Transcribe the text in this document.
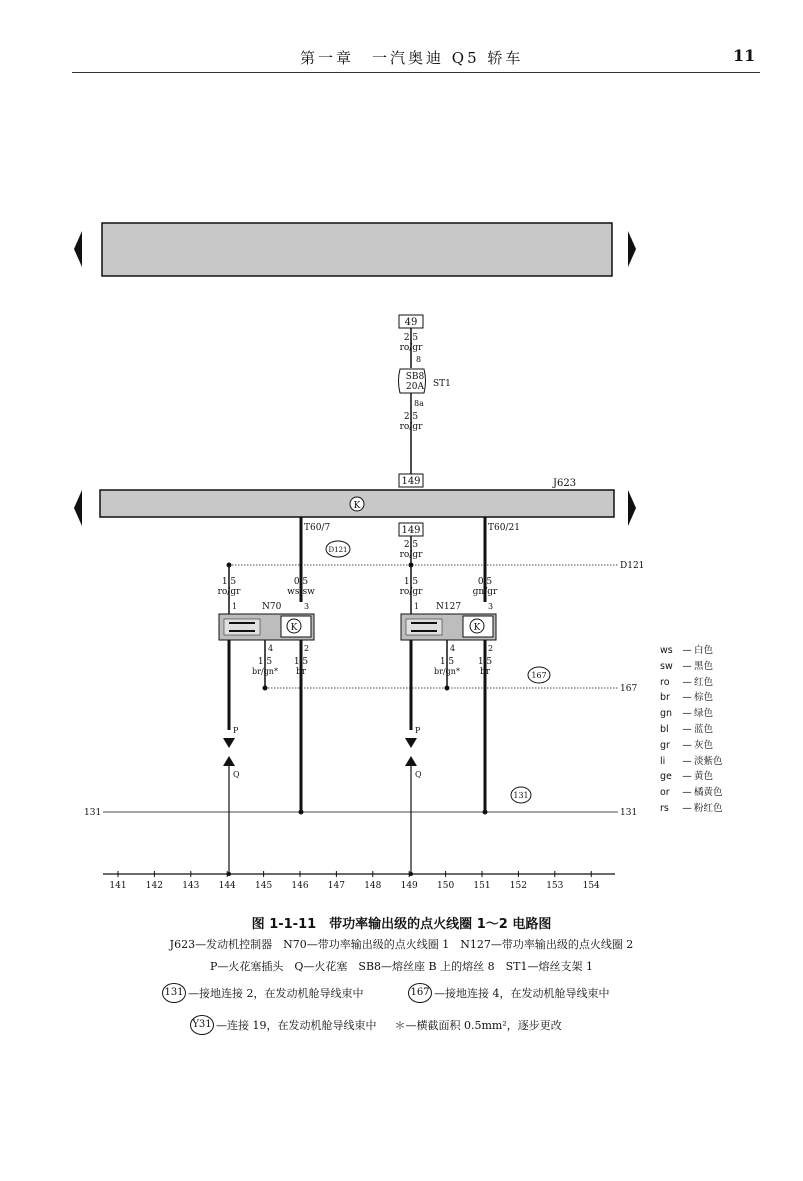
第一章　一汽奥迪 Q5 轿车	11
49
2.5
ro/gr
8
SB8
20A ST1
8a
2.5
ro/gr
149	J623
K
T60/7	T60/21
149
2.5
ro/gr
D121
D121
1.5
ro/gr
0.5
ws/sw
N70
1	3
1.5
ro/gr
0.5
gn/gr
N127
1	3
K	K
4	2
1.5
br/gn*
1.5
br
4	2
1.5
br/gn*
1.5
br	167
167
P
Q
P
Q
131	131
131
141 142 143 144 145 146 147 148 149 150 151 152 153 154
ws	— 白色
sw	— 黑色
ro	— 红色
br	— 棕色
gn	— 绿色
bl	— 蓝色
gr	— 灰色
li	— 淡紫色
ge	— 黄色
or	— 橘黄色
rs	— 粉红色
图 1-1-11　带功率输出级的点火线圈 1～2 电路图
J623—发动机控制器　N70—带功率输出级的点火线圈 1　N127—带功率输出级的点火线圈 2
P—火花塞插头　Q—火花塞　SB8—熔丝座 B 上的熔丝 8　ST1—熔丝支架 1
131 —接地连接 2，在发动机舱导线束中	167 —接地连接 4，在发动机舱导线束中
Y31 —连接 19，在发动机舱导线束中 ＊—横截面积 0.5mm²，逐步更改
